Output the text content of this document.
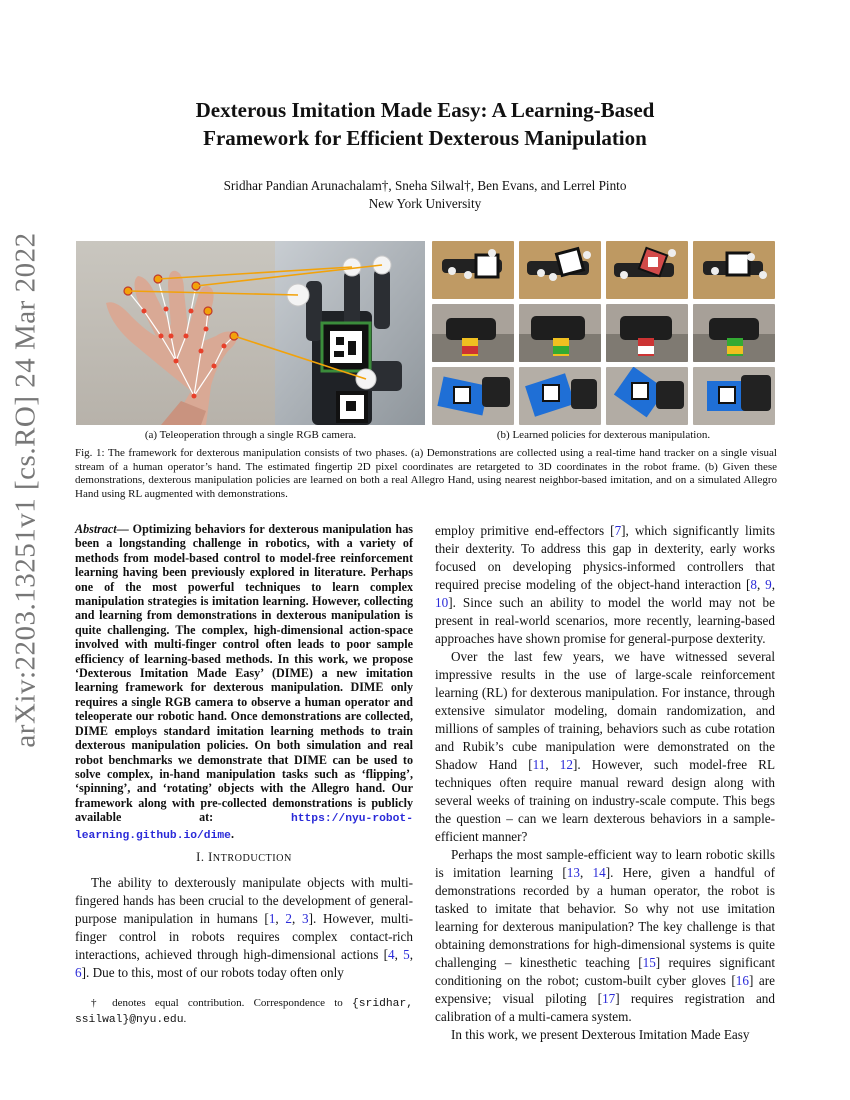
Dexterous Imitation Made Easy: A Learning-Based
Framework for Efficient Dexterous Manipulation
Sridhar Pandian Arunachalam†, Sneha Silwal†, Ben Evans, and Lerrel Pinto
New York University
arXiv:2203.13251v1 [cs.RO] 24 Mar 2022	(a) Teleoperation through a single RGB camera.	(b) Learned policies for dexterous manipulation.
Fig. 1: The framework for dexterous manipulation consists of two phases. (a) Demonstrations are collected using a real-time hand tracker on a single visual stream of a human operator’s hand. The estimated fingertip 2D pixel coordinates are retargeted to 3D coordinates in the robot frame. (b) Given these demonstrations, dexterous manipulation policies are learned on both a real Allegro Hand, using nearest neighbor-based imitation, and on a simulated Allegro Hand using RL augmented with demonstrations.
Abstract— Optimizing behaviors for dexterous manipulation has been a longstanding challenge in robotics, with a variety of methods from model-based control to model-free reinforcement learning having been previously explored in literature. Perhaps one of the most powerful techniques to learn complex manipulation strategies is imitation learning. However, collecting and learning from demonstrations in dexterous manipulation is quite challenging. The complex, high-dimensional action-space involved with multi-finger control often leads to poor sample efficiency of learning-based methods. In this work, we propose ‘Dexterous Imitation Made Easy’ (DIME) a new imitation learning framework for dexterous manipulation. DIME only requires a single RGB camera to observe a human operator and teleoperate our robotic hand. Once demonstrations are collected, DIME employs standard imitation learning methods to train dexterous manipulation policies. On both simulation and real robot benchmarks we demonstrate that DIME can be used to solve complex, in-hand manipulation tasks such as ‘flipping’, ‘spinning’, and ‘rotating’ objects with the Allegro hand. Our framework along with pre-collected demonstrations is publicly available at: https://nyu-robot-learning.github.io/dime.
I. INTRODUCTION
The ability to dexterously manipulate objects with multi-fingered hands has been crucial to the development of general-purpose manipulation in humans [1, 2, 3]. However, multi-finger control in robots requires complex contact-rich interactions, achieved through high-dimensional actions [4, 5, 6]. Due to this, most of our robots today often only
† denotes equal contribution. Correspondence to {sridhar, ssilwal}@nyu.edu.
employ primitive end-effectors [7], which significantly limits their dexterity. To address this gap in dexterity, early works focused on developing physics-informed controllers that required precise modeling of the object-hand interaction [8, 9, 10]. Since such an ability to model the world may not be present in real-world scenarios, more recently, learning-based approaches have shown promise for general-purpose dexterity.
Over the last few years, we have witnessed several impressive results in the use of large-scale reinforcement learning (RL) for dexterous manipulation. For instance, through extensive simulator modeling, domain randomization, and millions of samples of training, behaviors such as cube rotation and Rubik’s cube manipulation were demonstrated on the Shadow Hand [11, 12]. However, such model-free RL techniques often require manual reward design along with several weeks of training on industry-scale compute. This begs the question – can we learn dexterous behaviors in a sample-efficient manner?
Perhaps the most sample-efficient way to learn robotic skills is imitation learning [13, 14]. Here, given a handful of demonstrations recorded by a human operator, the robot is tasked to imitate that behavior. So why not use imitation learning for dexterous manipulation? The key challenge is that obtaining demonstrations for high-dimensional systems is quite challenging – kinesthetic teaching [15] requires significant conditioning on the robot; custom-built cyber gloves [16] are expensive; visual piloting [17] requires registration and calibration of a multi-camera system.
In this work, we present Dexterous Imitation Made Easy
